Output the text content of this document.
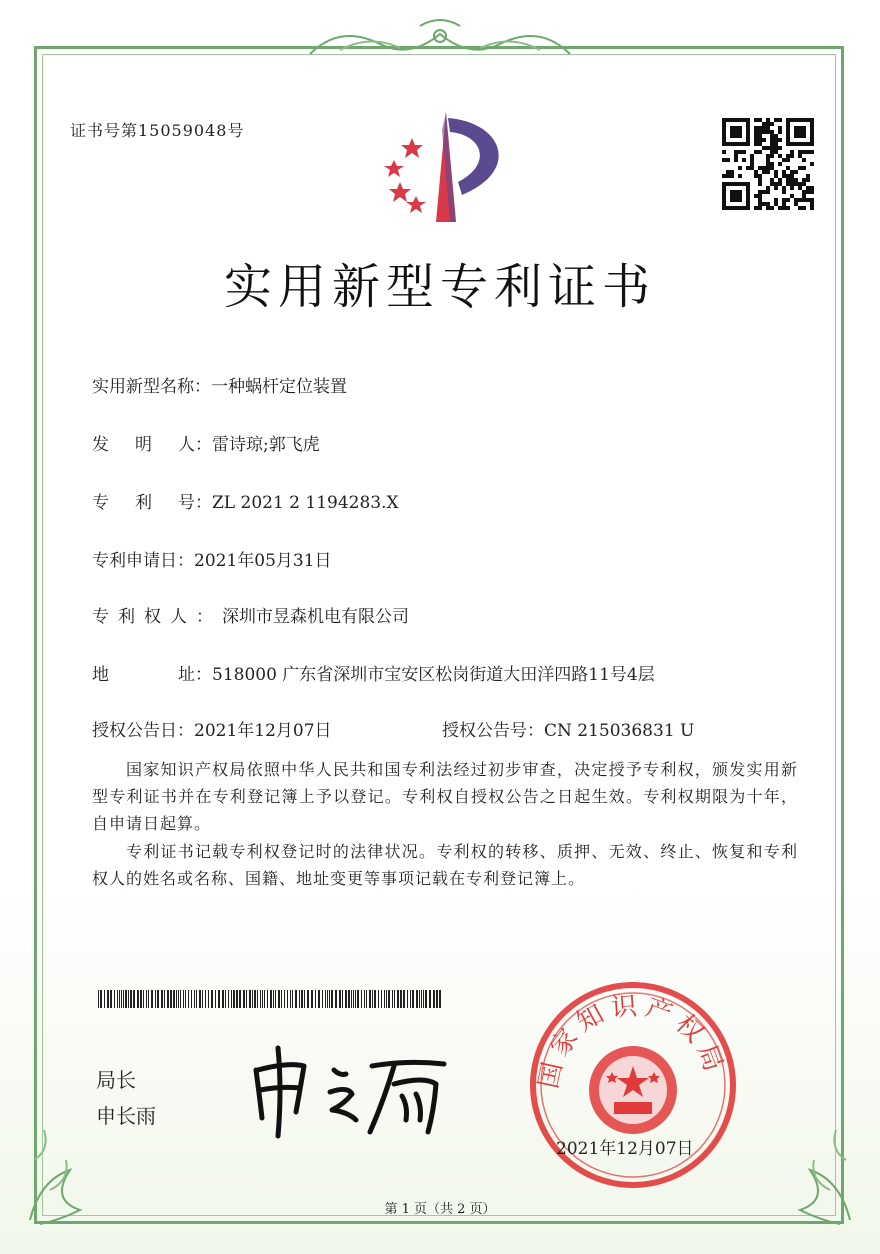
证书号第15059048号
实用新型专利证书
实用新型名称：一种蜗杆定位装置
发明人：雷诗琼;郭飞虎
专利号：ZL 2021 2 1194283.X
专利申请日：2021年05月31日
专利权人：深圳市昱森机电有限公司
地	址：518000 广东省深圳市宝安区松岗街道大田洋四路11号4层
授权公告日：2021年12月07日	授权公告号：CN 215036831 U
国家知识产权局依照中华人民共和国专利法经过初步审查，决定授予专利权，颁发实用新型专利证书并在专利登记簿上予以登记。专利权自授权公告之日起生效。专利权期限为十年，自申请日起算。
专利证书记载专利权登记时的法律状况。专利权的转移、质押、无效、终止、恢复和专利权人的姓名或名称、国籍、地址变更等事项记载在专利登记簿上。
局长
申长雨
国家知识产权局
2021年12月07日
第 1 页（共 2 页）
